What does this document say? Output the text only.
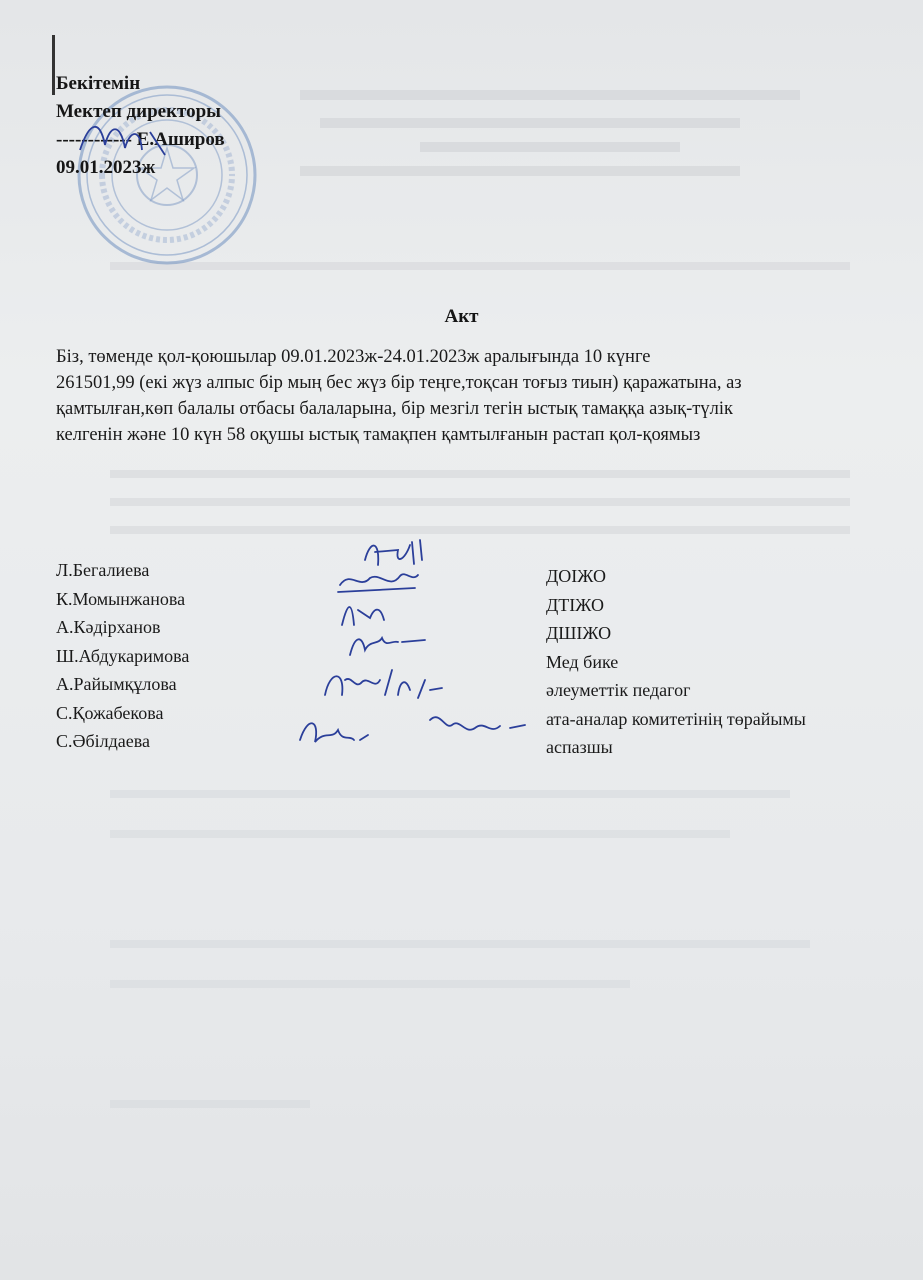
Бекітемін
Мектеп директоры
------------ Е.Аширов
09.01.2023ж
Акт
Біз, төменде қол-қоюшылар 09.01.2023ж-24.01.2023ж аралығында 10 күнге
261501,99 (екі жүз алпыс бір мың бес жүз бір теңге,тоқсан тоғыз тиын) қаражатына, аз
қамтылған,көп балалы отбасы балаларына, бір мезгіл тегін ыстық тамаққа азық-түлік
келгенін және 10 күн 58 оқушы ыстық тамақпен қамтылғанын растап қол-қоямыз
Л.Бегалиева
К.Момынжанова
А.Кәдірханов
Ш.Абдукаримова
А.Райымқұлова
С.Қожабекова
С.Әбілдаева
ДОІЖО
ДТІЖО
ДШІЖО
Мед бике
әлеуметтік педагог
ата-аналар комитетінің төрайымы
аспазшы
